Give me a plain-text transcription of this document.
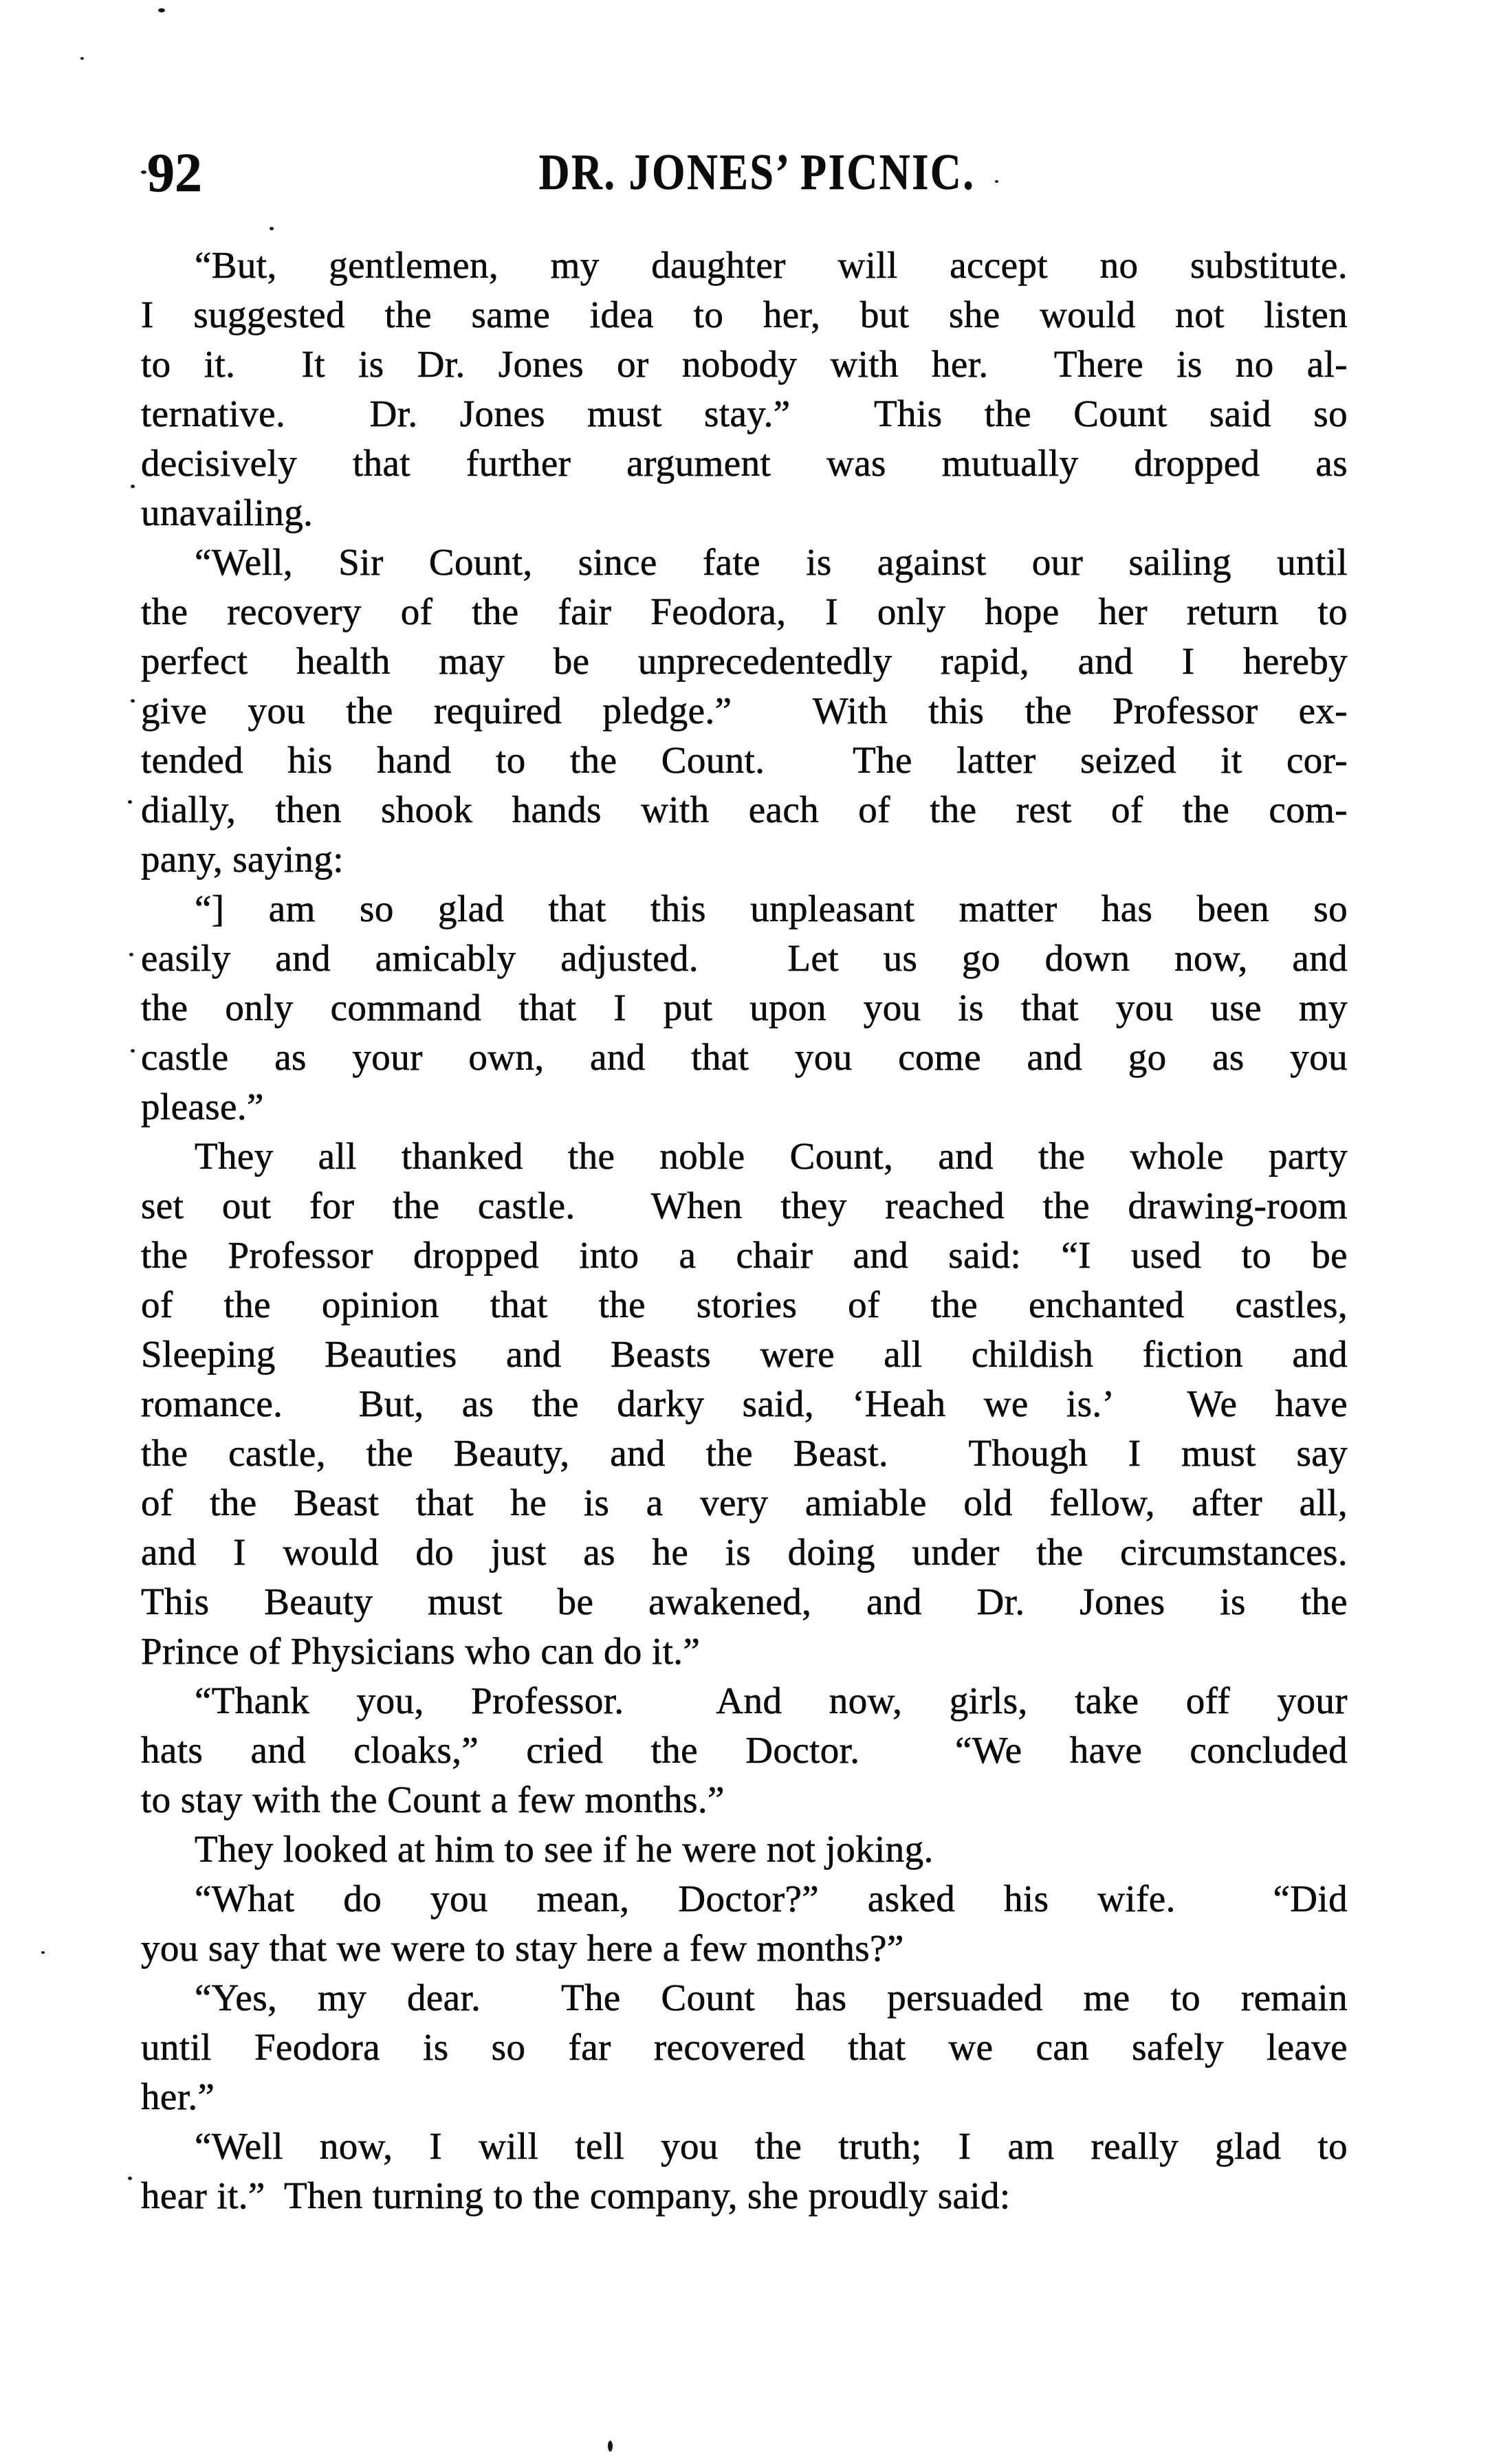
92	DR. JONES’ PICNIC.
“But, gentlemen, my daughter will accept no substitute.
I suggested the same idea to her, but she would not listen
to it.  It is Dr. Jones or nobody with her.  There is no al-
ternative.  Dr. Jones must stay.”  This the Count said so
decisively that further argument was mutually dropped as
unavailing.
“Well, Sir Count, since fate is against our sailing until
the recovery of the fair Feodora, I only hope her return to
perfect health may be unprecedentedly rapid, and I hereby
give you the required pledge.”  With this the Professor ex-
tended his hand to the Count.  The latter seized it cor-
dially, then shook hands with each of the rest of the com-
pany, saying:
“] am so glad that this unpleasant matter has been so
easily and amicably adjusted.  Let us go down now, and
the only command that I put upon you is that you use my
castle as your own, and that you come and go as you
please.”
They all thanked the noble Count, and the whole party
set out for the castle.  When they reached the drawing-room
the Professor dropped into a chair and said: “I used to be
of the opinion that the stories of the enchanted castles,
Sleeping Beauties and Beasts were all childish fiction and
romance.  But, as the darky said, ‘Heah we is.’  We have
the castle, the Beauty, and the Beast.  Though I must say
of the Beast that he is a very amiable old fellow, after all,
and I would do just as he is doing under the circumstances.
This Beauty must be awakened, and Dr. Jones is the
Prince of Physicians who can do it.”
“Thank you, Professor.  And now, girls, take off your
hats and cloaks,” cried the Doctor.  “We have concluded
to stay with the Count a few months.”
They looked at him to see if he were not joking.
“What do you mean, Doctor?” asked his wife.  “Did
you say that we were to stay here a few months?”
“Yes, my dear.  The Count has persuaded me to remain
until Feodora is so far recovered that we can safely leave
her.”
“Well now, I will tell you the truth; I am really glad to
hear it.”  Then turning to the company, she proudly said:
